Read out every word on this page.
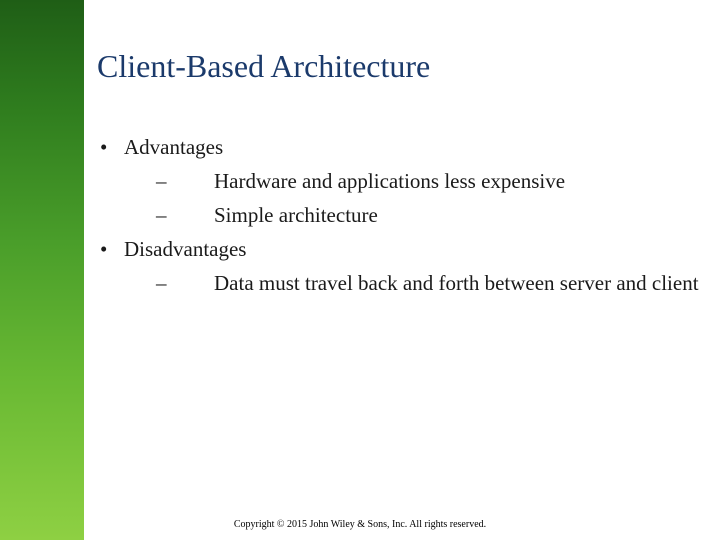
Client-Based Architecture
• Advantages
– Hardware and applications less expensive
– Simple architecture
• Disadvantages
– Data must travel back and forth between server and client
Copyright © 2015 John Wiley & Sons, Inc. All rights reserved.
